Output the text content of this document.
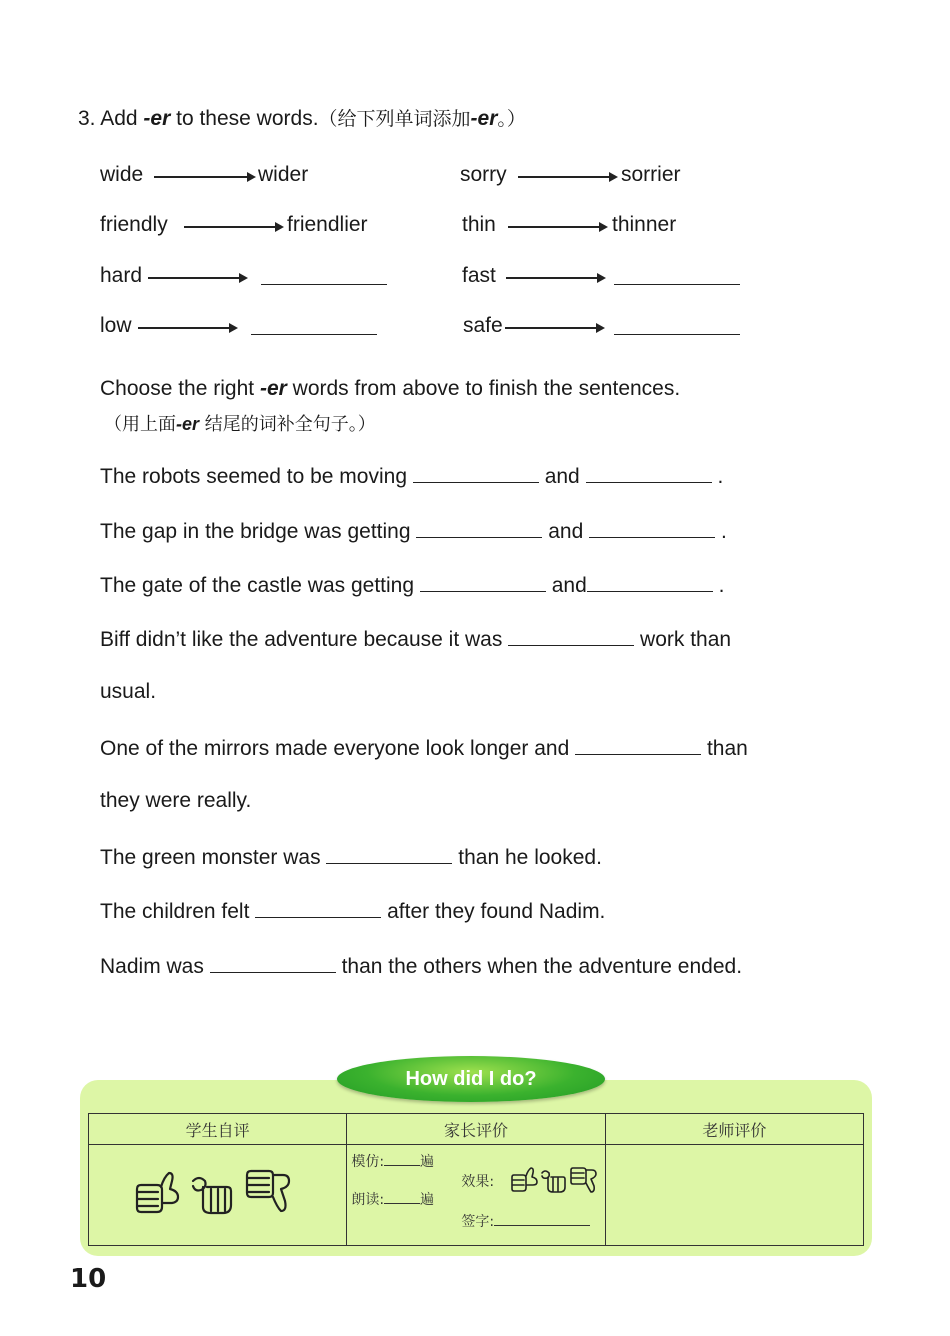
3. Add -er to these words.（给下列单词添加-er。）
wide	wider	sorry	sorrier
friendly	friendlier	thin	thinner
hard	fast
low	safe
Choose the right -er words from above to finish the sentences.
（用上面-er 结尾的词补全句子。）
The robots seemed to be moving	and	.
The gap in the bridge was getting	and	.
The gate of the castle was getting	and	.
Biff didn’t like the adventure because it was	work than
usual.
One of the mirrors made everyone look longer and	than
they were really.
The green monster was	than he looked.
The children felt	after they found Nadim.
Nadim was	than the others when the adventure ended.
How did I do?
学生自评	家长评价	老师评价

模仿: 遍
朗读: 遍
效果:
签字:	

10
